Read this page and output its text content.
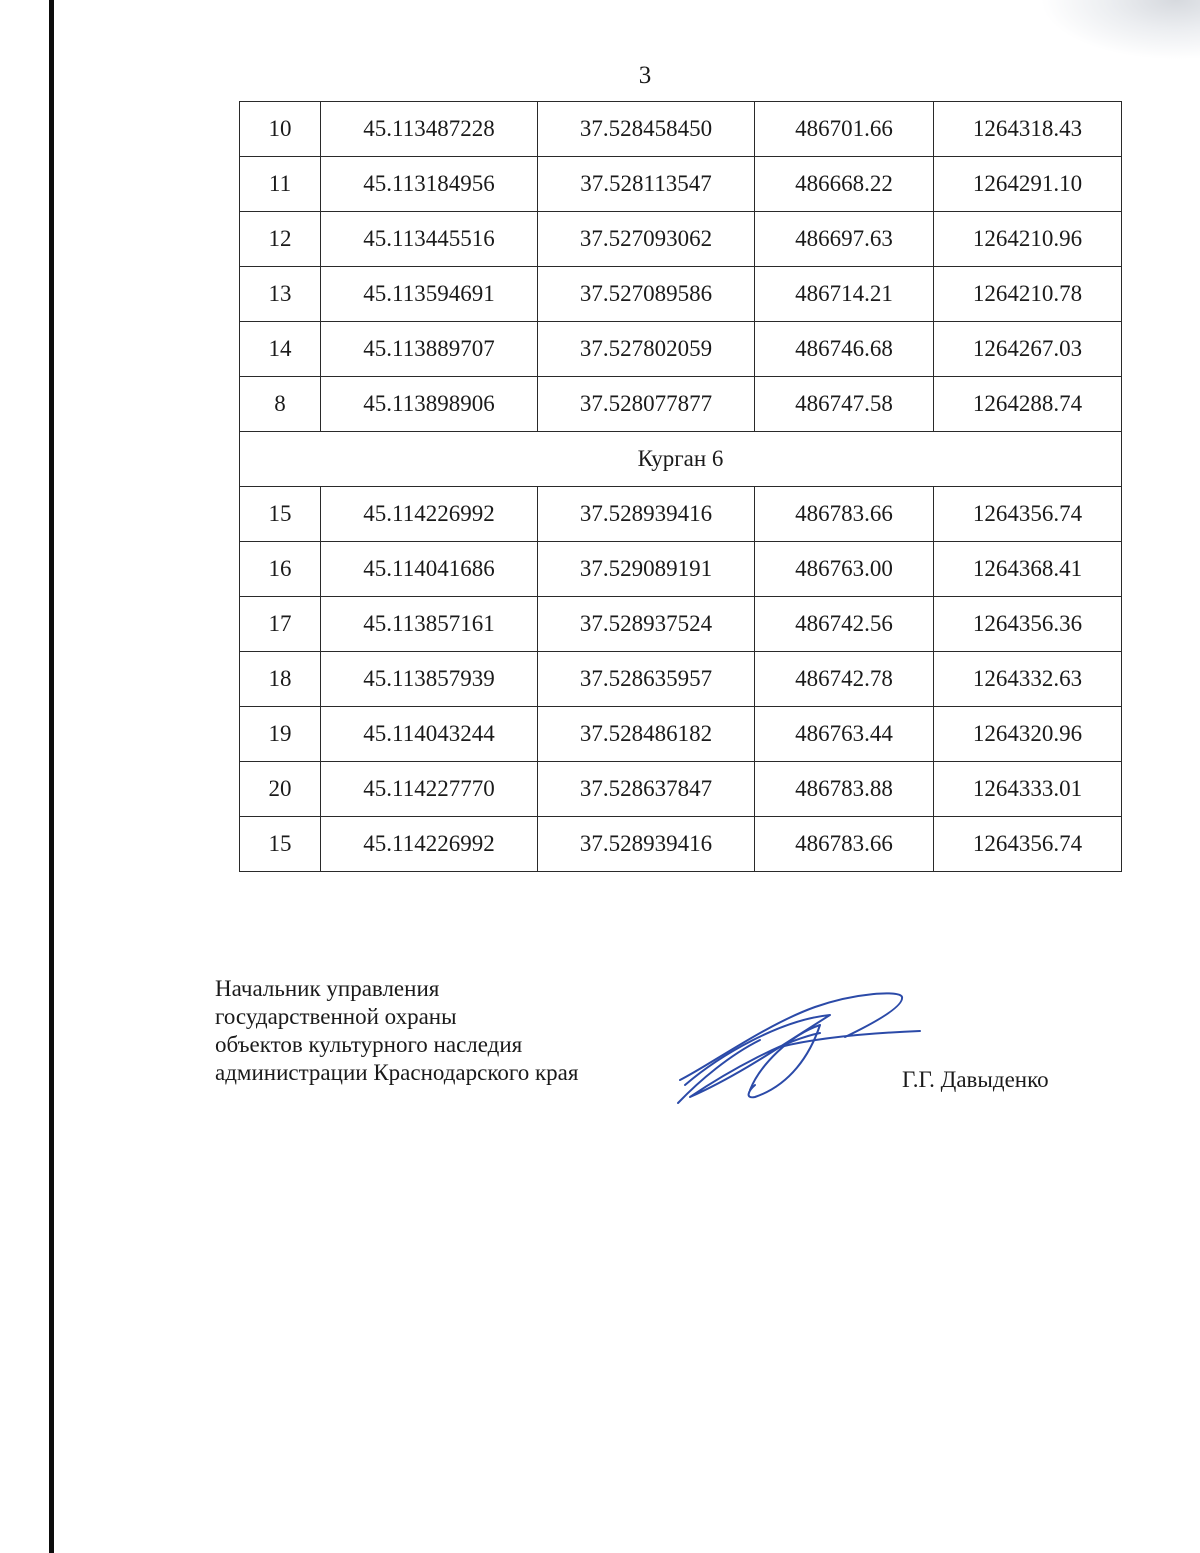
3
10	45.113487228	37.528458450	486701.66	1264318.43
11	45.113184956	37.528113547	486668.22	1264291.10
12	45.113445516	37.527093062	486697.63	1264210.96
13	45.113594691	37.527089586	486714.21	1264210.78
14	45.113889707	37.527802059	486746.68	1264267.03
8	45.113898906	37.528077877	486747.58	1264288.74
Курган 6				
15	45.114226992	37.528939416	486783.66	1264356.74
16	45.114041686	37.529089191	486763.00	1264368.41
17	45.113857161	37.528937524	486742.56	1264356.36
18	45.113857939	37.528635957	486742.78	1264332.63
19	45.114043244	37.528486182	486763.44	1264320.96
20	45.114227770	37.528637847	486783.88	1264333.01
15	45.114226992	37.528939416	486783.66	1264356.74
Начальник управления
государственной охраны
объектов культурного наследия
администрации Краснодарского края	Г.Г. Давыденко
